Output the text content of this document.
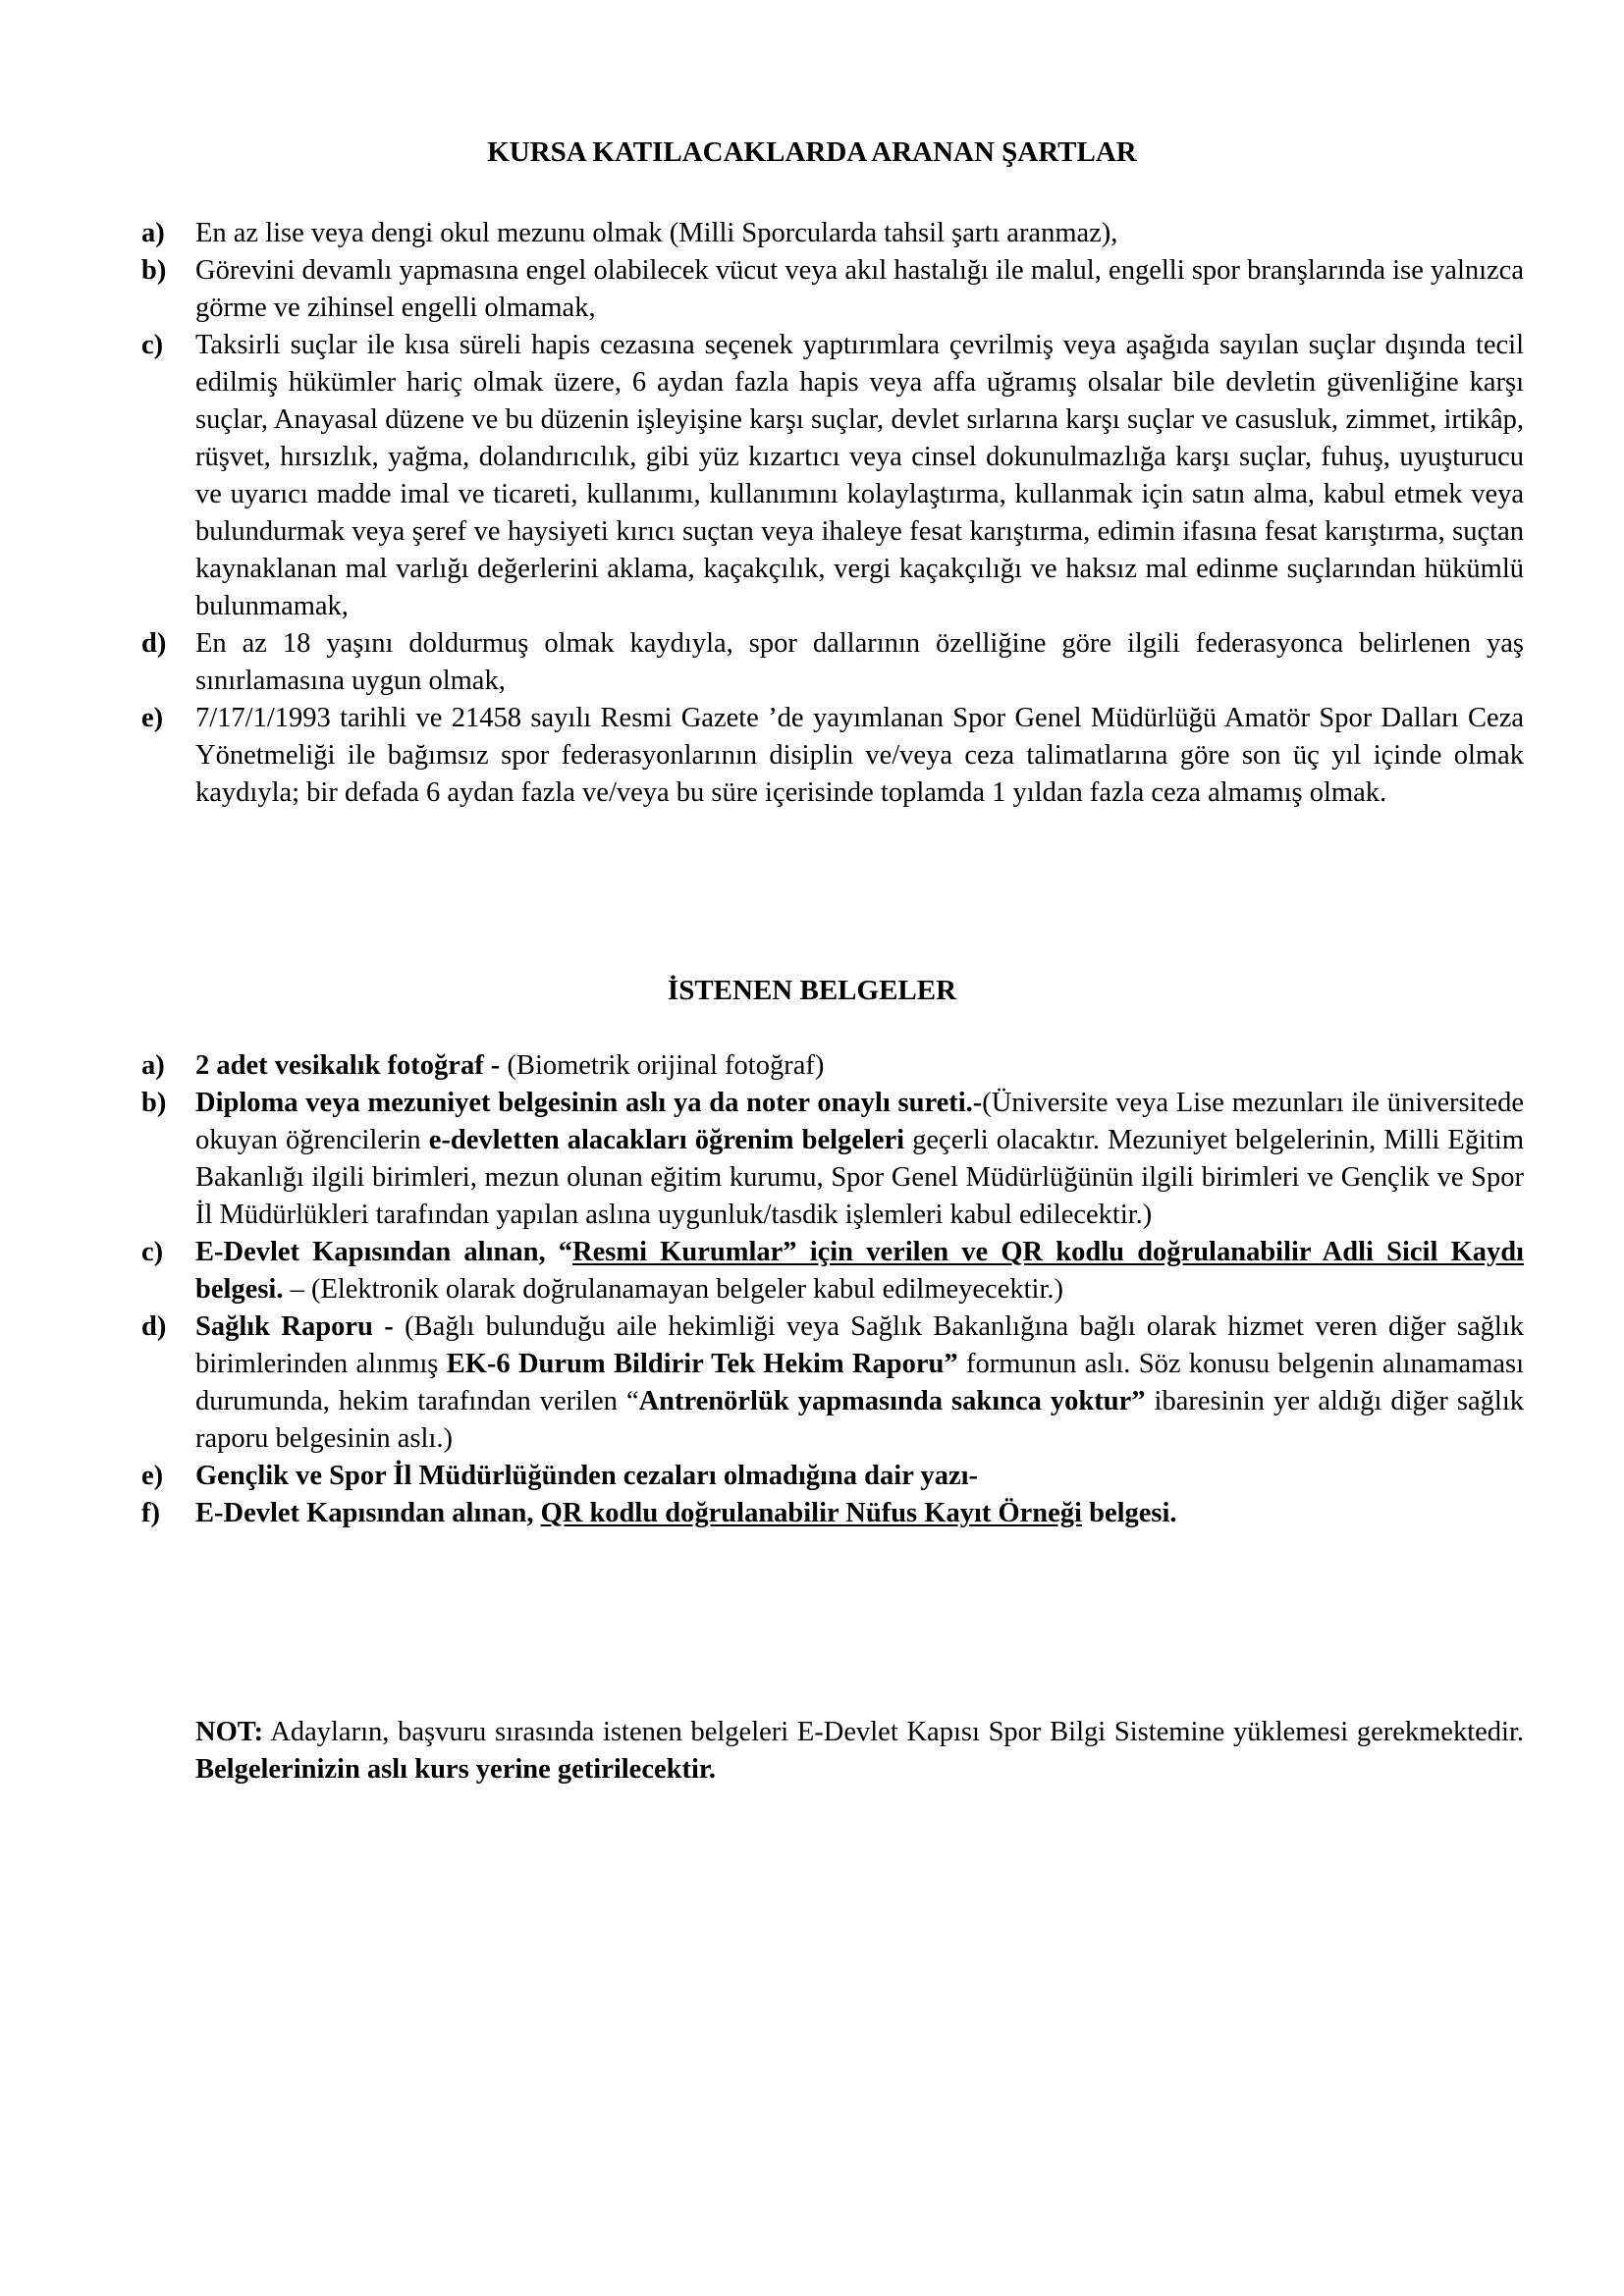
KURSA KATILACAKLARDA ARANAN ŞARTLAR
a) En az lise veya dengi okul mezunu olmak (Milli Sporcularda tahsil şartı aranmaz),
b) Görevini devamlı yapmasına engel olabilecek vücut veya akıl hastalığı ile malul, engelli spor branşlarında ise yalnızca görme ve zihinsel engelli olmamak,
c) Taksirli suçlar ile kısa süreli hapis cezasına seçenek yaptırımlara çevrilmiş veya aşağıda sayılan suçlar dışında tecil edilmiş hükümler hariç olmak üzere, 6 aydan fazla hapis veya affa uğramış olsalar bile devletin güvenliğine karşı suçlar, Anayasal düzene ve bu düzenin işleyişine karşı suçlar, devlet sırlarına karşı suçlar ve casusluk, zimmet, irtikâp, rüşvet, hırsızlık, yağma, dolandırıcılık, gibi yüz kızartıcı veya cinsel dokunulmazlığa karşı suçlar, fuhuş, uyuşturucu ve uyarıcı madde imal ve ticareti, kullanımı, kullanımını kolaylaştırma, kullanmak için satın alma, kabul etmek veya bulundurmak veya şeref ve haysiyeti kırıcı suçtan veya ihaleye fesat karıştırma, edimin ifasına fesat karıştırma, suçtan kaynaklanan mal varlığı değerlerini aklama, kaçakçılık, vergi kaçakçılığı ve haksız mal edinme suçlarından hükümlü bulunmamak,
d) En az 18 yaşını doldurmuş olmak kaydıyla, spor dallarının özelliğine göre ilgili federasyonca belirlenen yaş sınırlamasına uygun olmak,
e) 7/17/1/1993 tarihli ve 21458 sayılı Resmi Gazete ’de yayımlanan Spor Genel Müdürlüğü Amatör Spor Dalları Ceza Yönetmeliği ile bağımsız spor federasyonlarının disiplin ve/veya ceza talimatlarına göre son üç yıl içinde olmak kaydıyla; bir defada 6 aydan fazla ve/veya bu süre içerisinde toplamda 1 yıldan fazla ceza almamış olmak.
İSTENEN BELGELER
a) 2 adet vesikalık fotoğraf - (Biometrik orijinal fotoğraf)
b) Diploma veya mezuniyet belgesinin aslı ya da noter onaylı sureti.-(Üniversite veya Lise mezunları ile üniversitede okuyan öğrencilerin e-devletten alacakları öğrenim belgeleri geçerli olacaktır. Mezuniyet belgelerinin, Milli Eğitim Bakanlığı ilgili birimleri, mezun olunan eğitim kurumu, Spor Genel Müdürlüğünün ilgili birimleri ve Gençlik ve Spor İl Müdürlükleri tarafından yapılan aslına uygunluk/tasdik işlemleri kabul edilecektir.)
c) E-Devlet Kapısından alınan, “Resmi Kurumlar” için verilen ve QR kodlu doğrulanabilir Adli Sicil Kaydı belgesi. – (Elektronik olarak doğrulanamayan belgeler kabul edilmeyecektir.)
d) Sağlık Raporu - (Bağlı bulunduğu aile hekimliği veya Sağlık Bakanlığına bağlı olarak hizmet veren diğer sağlık birimlerinden alınmış EK-6 Durum Bildirir Tek Hekim Raporu” formunun aslı. Söz konusu belgenin alınamaması durumunda, hekim tarafından verilen “Antrenörlük yapmasında sakınca yoktur” ibaresinin yer aldığı diğer sağlık raporu belgesinin aslı.)
e) Gençlik ve Spor İl Müdürlüğünden cezaları olmadığına dair yazı-
f) E-Devlet Kapısından alınan, QR kodlu doğrulanabilir Nüfus Kayıt Örneği belgesi.
NOT: Adayların, başvuru sırasında istenen belgeleri E-Devlet Kapısı Spor Bilgi Sistemine yüklemesi gerekmektedir. Belgelerinizin aslı kurs yerine getirilecektir.
